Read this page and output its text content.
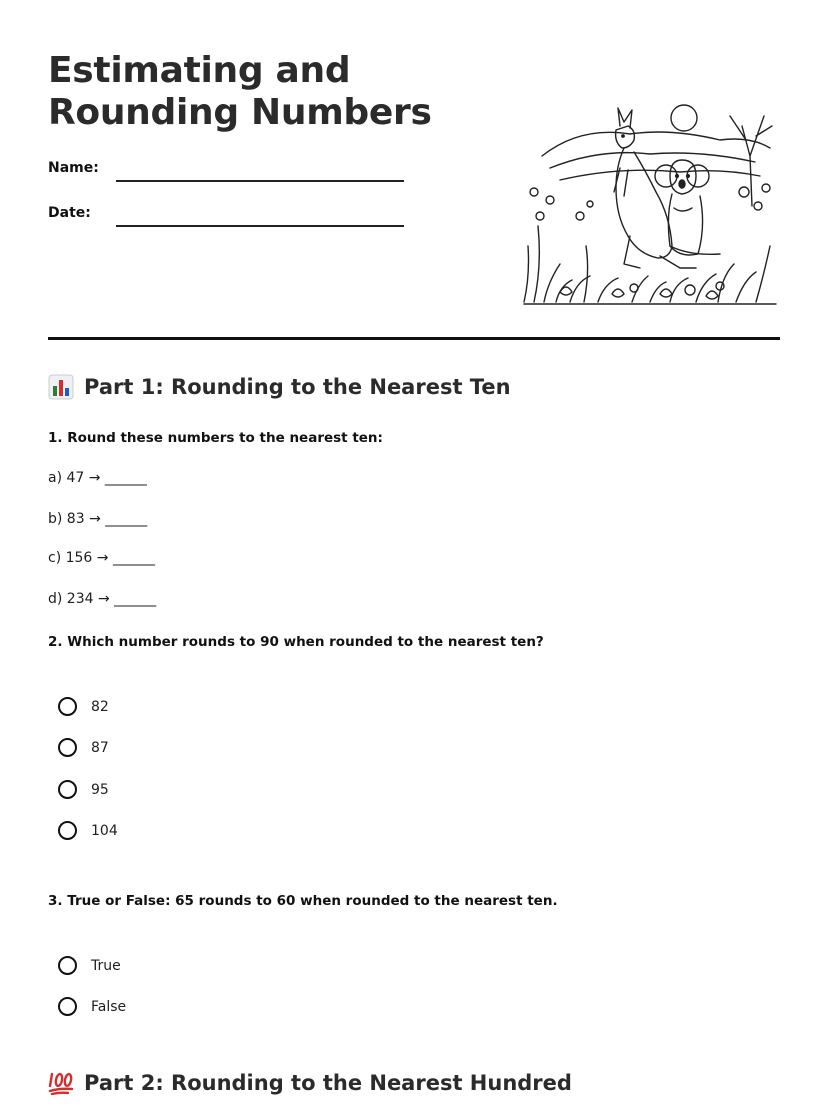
Estimating and
Rounding Numbers
Name:
Date:
Part 1: Rounding to the Nearest Ten
1. Round these numbers to the nearest ten:
a) 47 → ______
b) 83 → ______
c) 156 → ______
d) 234 → ______
2. Which number rounds to 90 when rounded to the nearest ten?
82
87
95
104
3. True or False: 65 rounds to 60 when rounded to the nearest ten.
True
False
Part 2: Rounding to the Nearest Hundred
